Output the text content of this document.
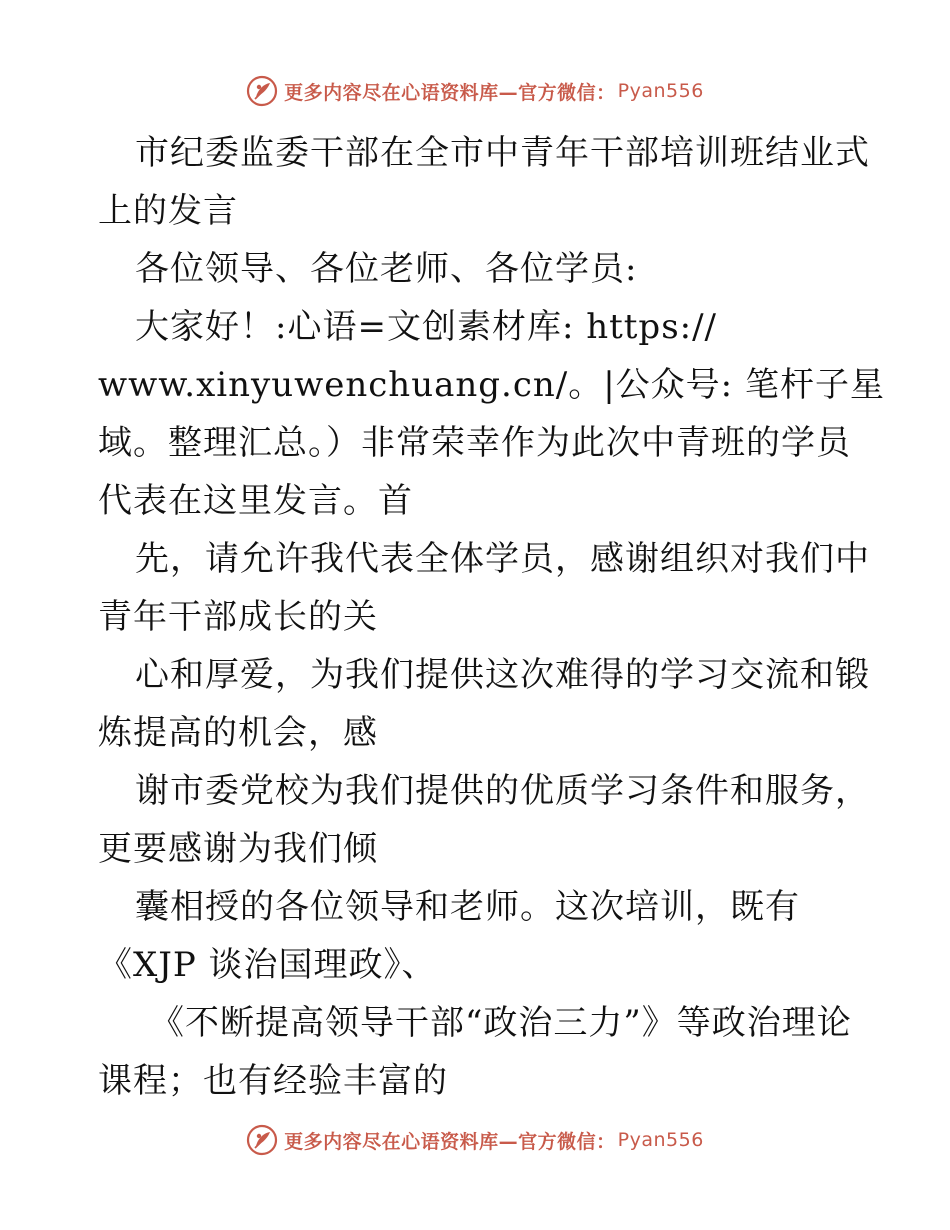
更多内容尽在心语资料库—官方微信： Pyan556
市纪委监委干部在全市中青年干部培训班结业式
上的发言
各位领导、各位老师、各位学员:
大家好！:心语=文创素材库: https://
www.xinyuwenchuang.cn/。|公众号: 笔杆子星
域。整理汇总。）非常荣幸作为此次中青班的学员
代表在这里发言。首
先，请允许我代表全体学员，感谢组织对我们中
青年干部成长的关
心和厚爱，为我们提供这次难得的学习交流和锻
炼提高的机会，感
谢市委党校为我们提供的优质学习条件和服务，
更要感谢为我们倾
囊相授的各位领导和老师。这次培训，既有
《XJP 谈治国理政》、
《不断提高领导干部“政治三力”》等政治理论
课程；也有经验丰富的
更多内容尽在心语资料库—官方微信： Pyan556
